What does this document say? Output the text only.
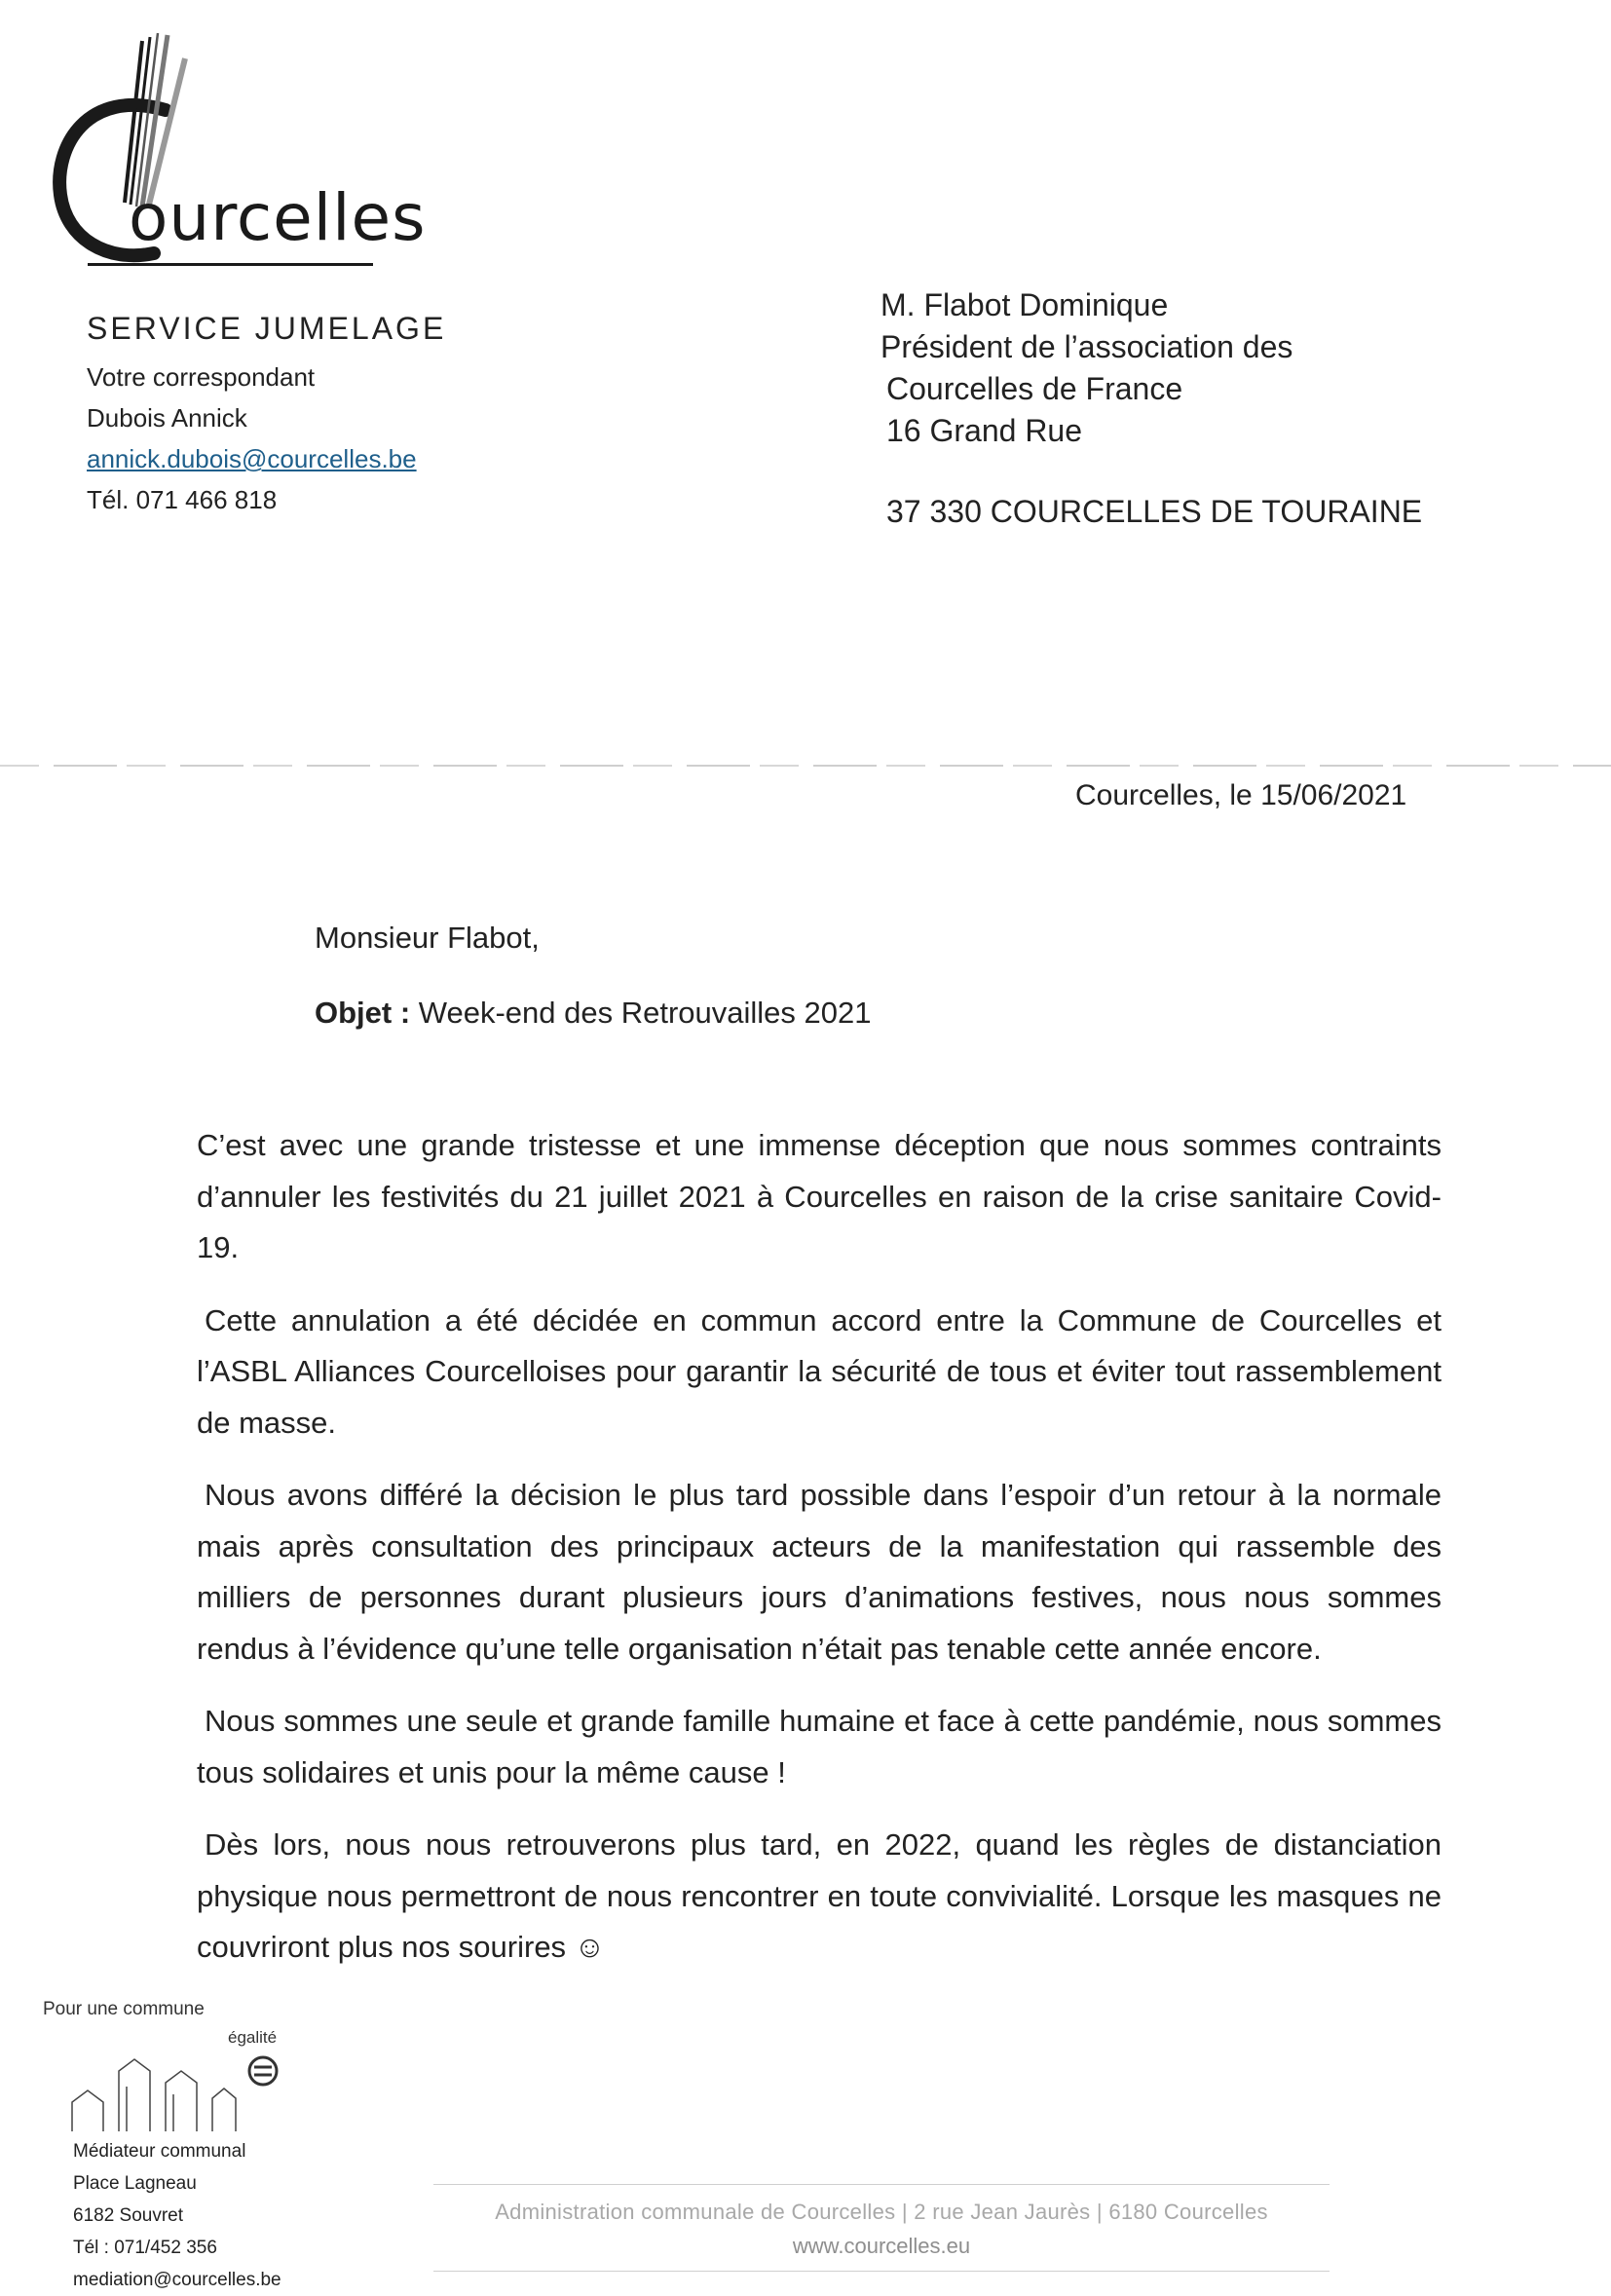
ourcelles
SERVICE JUMELAGE
Votre correspondant
Dubois Annick
annick.dubois@courcelles.be
Tél. 071 466 818
M. Flabot Dominique
Président de l’association des
Courcelles de France
16 Grand Rue
37 330 COURCELLES DE TOURAINE
Courcelles, le 15/06/2021
Monsieur Flabot,
Objet : Week-end des Retrouvailles 2021

C’est avec une grande tristesse et une immense déception que nous sommes contraints d’annuler les festivités du 21 juillet 2021 à Courcelles en raison de la crise sanitaire Covid-19.

Cette annulation a été décidée en commun accord entre la Commune de Courcelles et l’ASBL Alliances Courcelloises pour garantir la sécurité de tous et éviter tout rassemblement de masse.

Nous avons différé la décision le plus tard possible dans l’espoir d’un retour à la normale mais après consultation des principaux acteurs de la manifestation qui rassemble des milliers de personnes durant plusieurs jours d’animations festives, nous nous sommes rendus à l’évidence qu’une telle organisation n’était pas tenable cette année encore.

Nous sommes une seule et grande famille humaine et face à cette pandémie, nous sommes tous solidaires et unis pour la même cause !

Dès lors, nous nous retrouverons plus tard, en 2022, quand les règles de distanciation physique nous permettront de nous rencontrer en toute convivialité. Lorsque les masques ne couvriront plus nos sourires ☺

Pour une commune
égalité
Médiateur communal
Place Lagneau
6182 Souvret
Tél : 071/452 356
mediation@courcelles.be
Administration communale de Courcelles | 2 rue Jean Jaurès | 6180 Courcelles
www.courcelles.eu
